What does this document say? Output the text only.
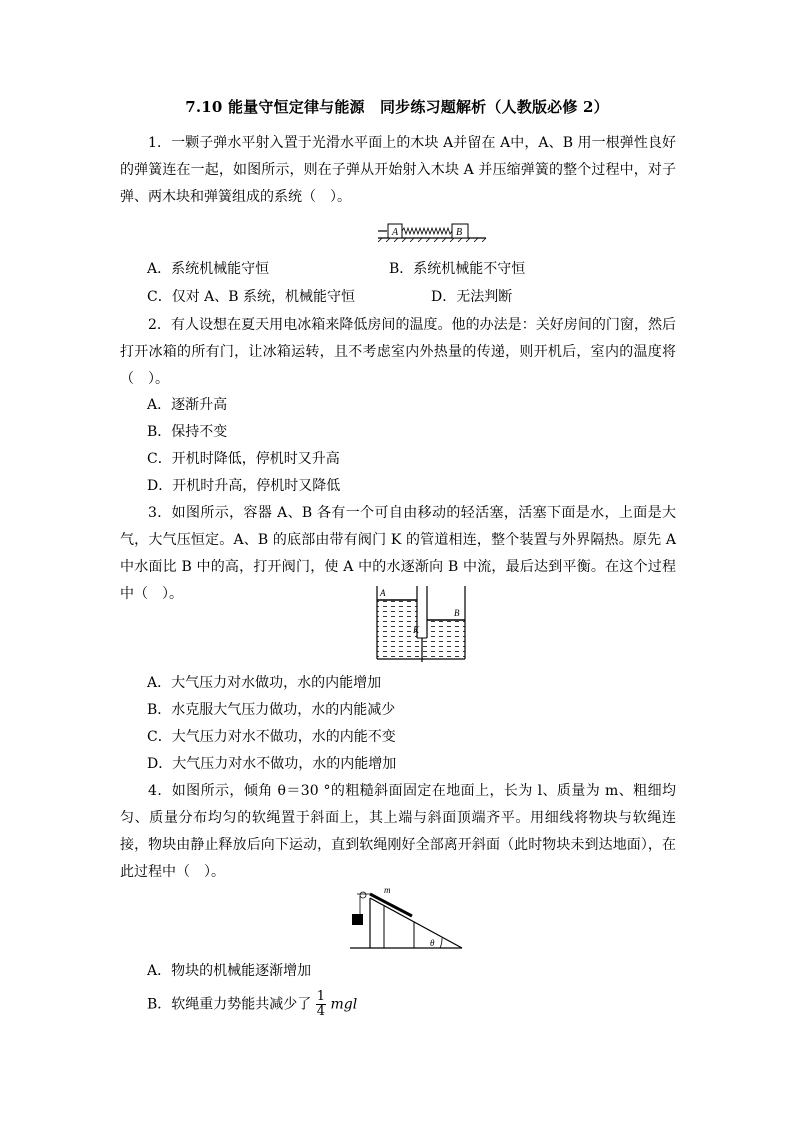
7.10 能量守恒定律与能源　同步练习题解析（人教版必修 2）
1．一颗子弹水平射入置于光滑水平面上的木块 A并留在 A中，A、B 用一根弹性良好的弹簧连在一起，如图所示，则在子弹从开始射入木块 A 并压缩弹簧的整个过程中，对子弹、两木块和弹簧组成的系统（　）。
A	B
A．系统机械能守恒	B．系统机械能不守恒
C．仅对 A、B 系统，机械能守恒	D．无法判断
2．有人设想在夏天用电冰箱来降低房间的温度。他的办法是：关好房间的门窗，然后打开冰箱的所有门，让冰箱运转，且不考虑室内外热量的传递，则开机后，室内的温度将（　）。
A．逐渐升高
B．保持不变
C．开机时降低，停机时又升高
D．开机时升高，停机时又降低
3．如图所示，容器 A、B 各有一个可自由移动的轻活塞，活塞下面是水，上面是大气，大气压恒定。A、B 的底部由带有阀门 K 的管道相连，整个装置与外界隔热。原先 A 中水面比 B 中的高，打开阀门，使 A 中的水逐渐向 B 中流，最后达到平衡。在这个过程中（　）。	A
B
K
A．大气压力对水做功，水的内能增加
B．水克服大气压力做功，水的内能减少
C．大气压力对水不做功，水的内能不变
D．大气压力对水不做功，水的内能增加
4．如图所示，倾角 θ＝30 °的粗糙斜面固定在地面上，长为 l、质量为 m、粗细均匀、质量分布均匀的软绳置于斜面上，其上端与斜面顶端齐平。用细线将物块与软绳连接，物块由静止释放后向下运动，直到软绳刚好全部离开斜面（此时物块未到达地面），在此过程中（　）。
m
θ
A．物块的机械能逐渐增加
B．软绳重力势能共减少了 $\frac{1}{4}$ mgl
